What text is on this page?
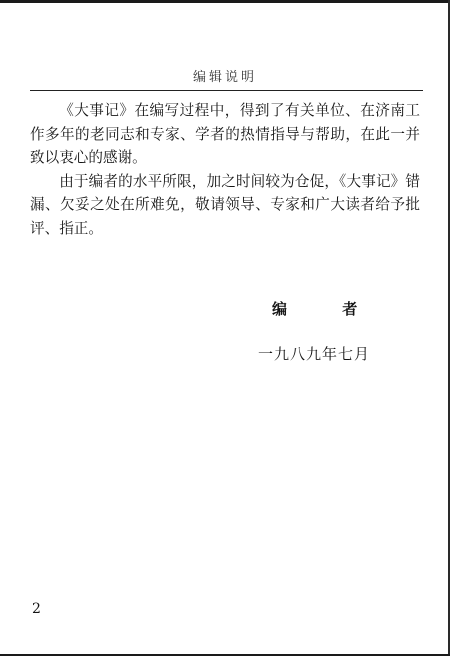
编辑说明

《大事记》在编写过程中，得到了有关单位、在济南工作多年的老同志和专家、学者的热情指导与帮助，在此一并致以衷心的感谢。

由于编者的水平所限，加之时间较为仓促，《大事记》错漏、欠妥之处在所难免，敬请领导、专家和广大读者给予批评、指正。

编 者
一九八九年七月
2
